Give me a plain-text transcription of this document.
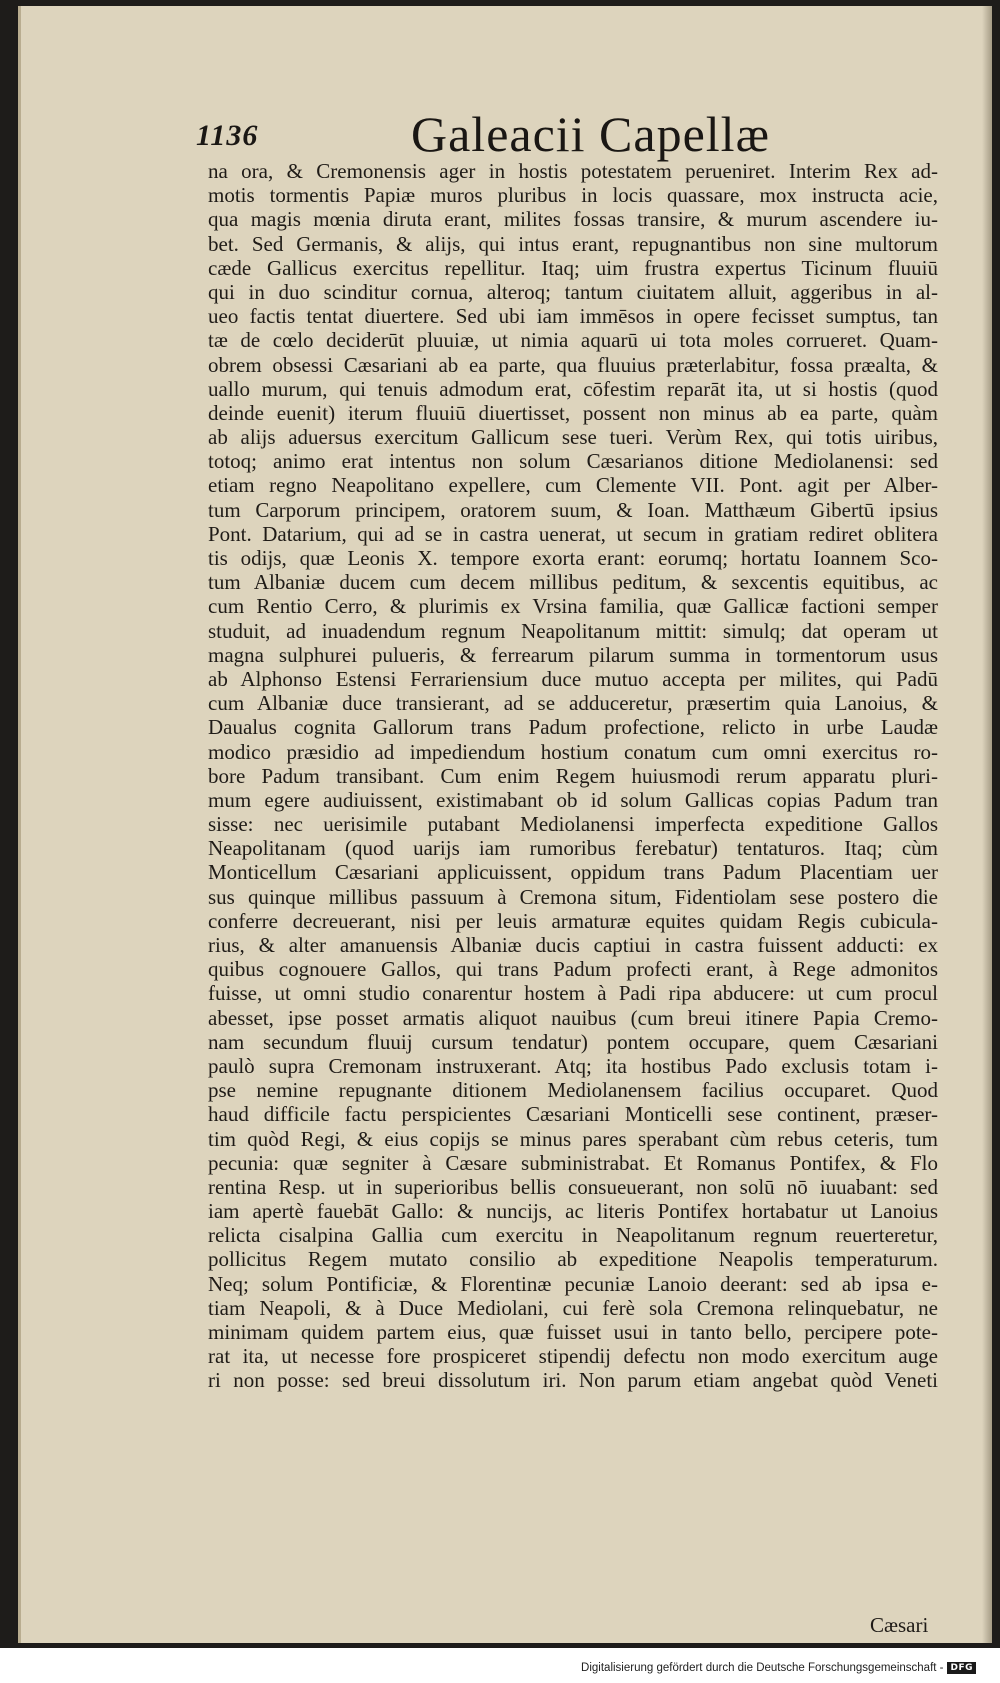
1136	Galeacii Capellæ
na ora, & Cremonensis ager in hostis potestatem perueniret. Interim Rex ad-
motis tormentis Papiæ muros pluribus in locis quassare, mox instructa acie,
qua magis mœnia diruta erant, milites fossas transire, & murum ascendere iu-
bet. Sed Germanis, & alijs, qui intus erant, repugnantibus non sine multorum
cæde Gallicus exercitus repellitur. Itaq; uim frustra expertus Ticinum fluuiū
qui in duo scinditur cornua, alteroq; tantum ciuitatem alluit, aggeribus in al-
ueo factis tentat diuertere. Sed ubi iam immēsos in opere fecisset sumptus, tan
tæ de cœlo deciderūt pluuiæ, ut nimia aquarū ui tota moles corrueret. Quam-
obrem obsessi Cæsariani ab ea parte, qua fluuius præterlabitur, fossa præalta, &
uallo murum, qui tenuis admodum erat, cōfestim reparāt ita, ut si hostis (quod
deinde euenit) iterum fluuiū diuertisset, possent non minus ab ea parte, quàm
ab alijs aduersus exercitum Gallicum sese tueri. Verùm Rex, qui totis uiribus,
totoq; animo erat intentus non solum Cæsarianos ditione Mediolanensi: sed
etiam regno Neapolitano expellere, cum Clemente VII. Pont. agit per Alber-
tum Carporum principem, oratorem suum, & Ioan. Matthæum Gibertū ipsius
Pont. Datarium, qui ad se in castra uenerat, ut secum in gratiam rediret oblitera
tis odijs, quæ Leonis X. tempore exorta erant: eorumq; hortatu Ioannem Sco-
tum Albaniæ ducem cum decem millibus peditum, & sexcentis equitibus, ac
cum Rentio Cerro, & plurimis ex Vrsina familia, quæ Gallicæ factioni semper
studuit, ad inuadendum regnum Neapolitanum mittit: simulq; dat operam ut
magna sulphurei pulueris, & ferrearum pilarum summa in tormentorum usus
ab Alphonso Estensi Ferrariensium duce mutuo accepta per milites, qui Padū
cum Albaniæ duce transierant, ad se adduceretur, præsertim quia Lanoius, &
Daualus cognita Gallorum trans Padum profectione, relicto in urbe Laudæ
modico præsidio ad impediendum hostium conatum cum omni exercitus ro-
bore Padum transibant. Cum enim Regem huiusmodi rerum apparatu pluri-
mum egere audiuissent, existimabant ob id solum Gallicas copias Padum tran
sisse: nec uerisimile putabant Mediolanensi imperfecta expeditione Gallos
Neapolitanam (quod uarijs iam rumoribus ferebatur) tentaturos. Itaq; cùm
Monticellum Cæsariani applicuissent, oppidum trans Padum Placentiam uer
sus quinque millibus passuum à Cremona situm, Fidentiolam sese postero die
conferre decreuerant, nisi per leuis armaturæ equites quidam Regis cubicula-
rius, & alter amanuensis Albaniæ ducis captiui in castra fuissent adducti: ex
quibus cognouere Gallos, qui trans Padum profecti erant, à Rege admonitos
fuisse, ut omni studio conarentur hostem à Padi ripa abducere: ut cum procul
abesset, ipse posset armatis aliquot nauibus (cum breui itinere Papia Cremo-
nam secundum fluuij cursum tendatur) pontem occupare, quem Cæsariani
paulò supra Cremonam instruxerant. Atq; ita hostibus Pado exclusis totam i-
pse nemine repugnante ditionem Mediolanensem facilius occuparet. Quod
haud difficile factu perspicientes Cæsariani Monticelli sese continent, præser-
tim quòd Regi, & eius copijs se minus pares sperabant cùm rebus ceteris, tum
pecunia: quæ segniter à Cæsare subministrabat. Et Romanus Pontifex, & Flo
rentina Resp. ut in superioribus bellis consueuerant, non solū nō iuuabant: sed
iam apertè fauebāt Gallo: & nuncijs, ac literis Pontifex hortabatur ut Lanoius
relicta cisalpina Gallia cum exercitu in Neapolitanum regnum reuerteretur,
pollicitus Regem mutato consilio ab expeditione Neapolis temperaturum.
Neq; solum Pontificiæ, & Florentinæ pecuniæ Lanoio deerant: sed ab ipsa e-
tiam Neapoli, & à Duce Mediolani, cui ferè sola Cremona relinquebatur, ne
minimam quidem partem eius, quæ fuisset usui in tanto bello, percipere pote-
rat ita, ut necesse fore prospiceret stipendij defectu non modo exercitum auge
ri non posse: sed breui dissolutum iri. Non parum etiam angebat quòd Veneti
Cæsari
Digitalisierung gefördert durch die Deutsche Forschungsgemeinschaft - DFG
